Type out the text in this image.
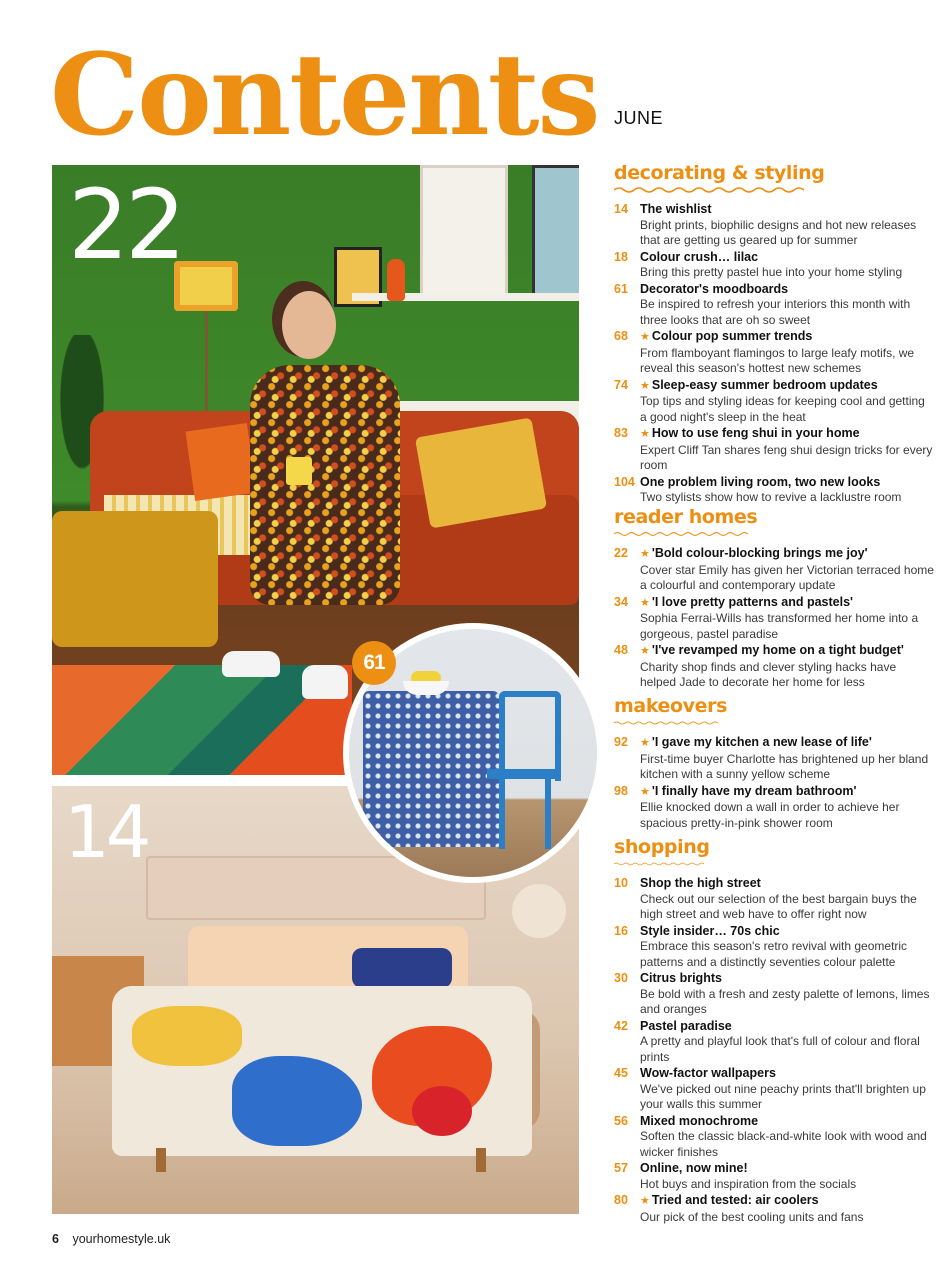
Contents JUNE
22
14
61
decorating & styling
14 The wishlist
Bright prints, biophilic designs and hot new releases that are getting us geared up for summer
18 Colour crush… lilac
Bring this pretty pastel hue into your home styling
61 Decorator's moodboards
Be inspired to refresh your interiors this month with three looks that are oh so sweet
68	★ Colour pop summer trends
From flamboyant flamingos to large leafy motifs, we reveal this season's hottest new schemes
74	★ Sleep-easy summer bedroom updates
Top tips and styling ideas for keeping cool and getting a good night's sleep in the heat
83	★ How to use feng shui in your home
Expert Cliff Tan shares feng shui design tricks for every room
104 One problem living room, two new looks
Two stylists show how to revive a lacklustre room
reader homes
22	★ 'Bold colour-blocking brings me joy'
Cover star Emily has given her Victorian terraced home a colourful and contemporary update
34	★ 'I love pretty patterns and pastels'
Sophia Ferrai-Wills has transformed her home into a gorgeous, pastel paradise
48	★ 'I've revamped my home on a tight budget'
Charity shop finds and clever styling hacks have helped Jade to decorate her home for less
makeovers
92	★ 'I gave my kitchen a new lease of life'
First-time buyer Charlotte has brightened up her bland kitchen with a sunny yellow scheme
98	★ 'I finally have my dream bathroom'
Ellie knocked down a wall in order to achieve her spacious pretty-in-pink shower room
shopping
10 Shop the high street
Check out our selection of the best bargain buys the high street and web have to offer right now
16 Style insider… 70s chic
Embrace this season's retro revival with geometric patterns and a distinctly seventies colour palette
30 Citrus brights
Be bold with a fresh and zesty palette of lemons, limes and oranges
42 Pastel paradise
A pretty and playful look that's full of colour and floral prints
45 Wow-factor wallpapers
We've picked out nine peachy prints that'll brighten up your walls this summer
56 Mixed monochrome
Soften the classic black-and-white look with wood and wicker finishes
57 Online, now mine!
Hot buys and inspiration from the socials
80	★ Tried and tested: air coolers
Our pick of the best cooling units and fans
6 yourhomestyle.uk
